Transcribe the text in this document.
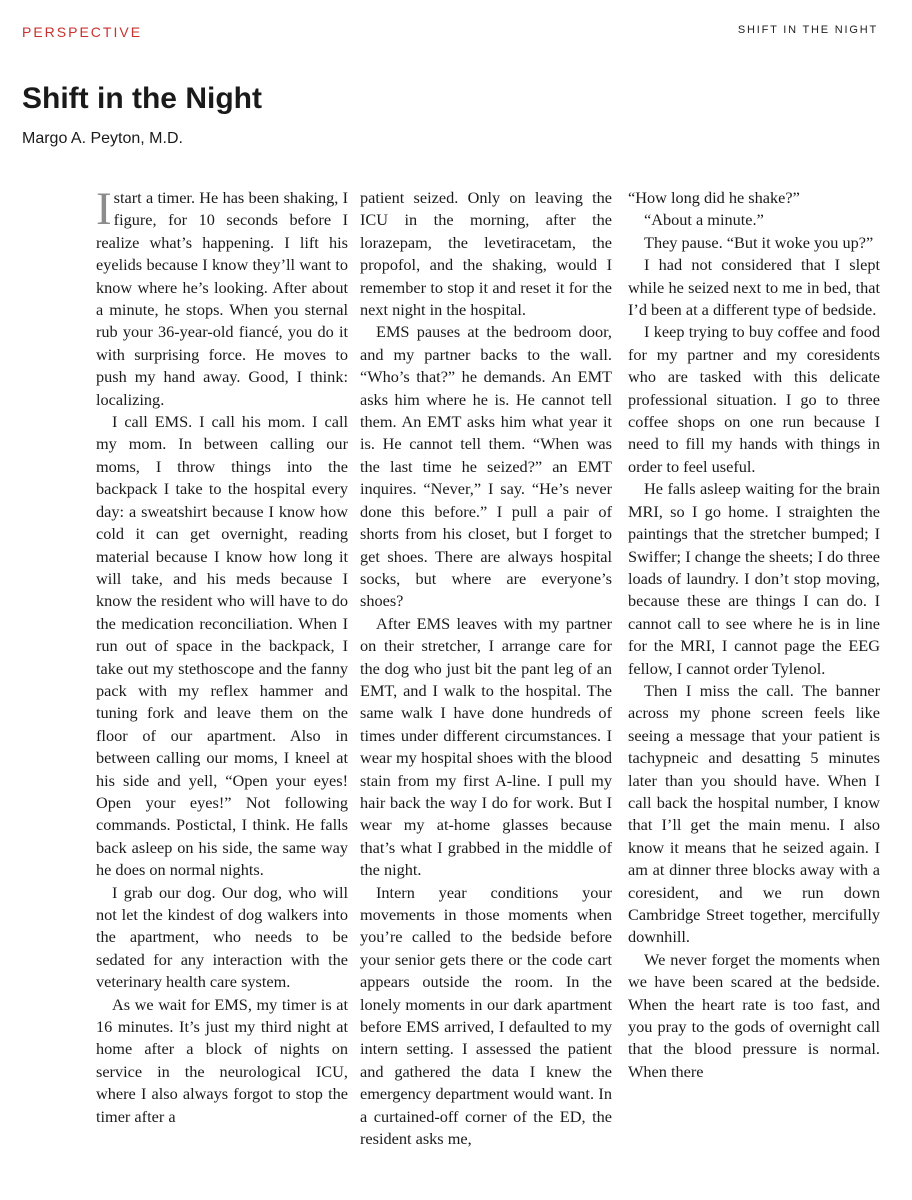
PERSPECTIVE	SHIFT IN THE NIGHT
Shift in the Night
Margo A. Peyton, M.D.

I start a timer. He has been shaking, I figure, for 10 seconds before I realize what’s happening. I lift his eyelids because I know they’ll want to know where he’s looking. After about a minute, he stops. When you sternal rub your 36-year-old fiancé, you do it with surprising force. He moves to push my hand away. Good, I think: localizing.

I call EMS. I call his mom. I call my mom. In between calling our moms, I throw things into the backpack I take to the hospital every day: a sweatshirt because I know how cold it can get overnight, reading material because I know how long it will take, and his meds because I know the resident who will have to do the medication reconciliation. When I run out of space in the backpack, I take out my stethoscope and the fanny pack with my reflex hammer and tuning fork and leave them on the floor of our apartment. Also in between calling our moms, I kneel at his side and yell, “Open your eyes! Open your eyes!” Not following commands. Postictal, I think. He falls back asleep on his side, the same way he does on normal nights.

I grab our dog. Our dog, who will not let the kindest of dog walkers into the apartment, who needs to be sedated for any interaction with the veterinary health care system.

As we wait for EMS, my timer is at 16 minutes. It’s just my third night at home after a block of nights on service in the neurological ICU, where I also always forgot to stop the timer after a

patient seized. Only on leaving the ICU in the morning, after the lorazepam, the levetiracetam, the propofol, and the shaking, would I remember to stop it and reset it for the next night in the hospital.

EMS pauses at the bedroom door, and my partner backs to the wall. “Who’s that?” he demands. An EMT asks him where he is. He cannot tell them. An EMT asks him what year it is. He cannot tell them. “When was the last time he seized?” an EMT inquires. “Never,” I say. “He’s never done this before.” I pull a pair of shorts from his closet, but I forget to get shoes. There are always hospital socks, but where are everyone’s shoes?

After EMS leaves with my partner on their stretcher, I arrange care for the dog who just bit the pant leg of an EMT, and I walk to the hospital. The same walk I have done hundreds of times under different circumstances. I wear my hospital shoes with the blood stain from my first A-line. I pull my hair back the way I do for work. But I wear my at-home glasses because that’s what I grabbed in the middle of the night.

Intern year conditions your movements in those moments when you’re called to the bedside before your senior gets there or the code cart appears outside the room. In the lonely moments in our dark apartment before EMS arrived, I defaulted to my intern setting. I assessed the patient and gathered the data I knew the emergency department would want. In a curtained-off corner of the ED, the resident asks me,

“How long did he shake?”

“About a minute.”

They pause. “But it woke you up?”

I had not considered that I slept while he seized next to me in bed, that I’d been at a different type of bedside.

I keep trying to buy coffee and food for my partner and my coresidents who are tasked with this delicate professional situation. I go to three coffee shops on one run because I need to fill my hands with things in order to feel useful.

He falls asleep waiting for the brain MRI, so I go home. I straighten the paintings that the stretcher bumped; I Swiffer; I change the sheets; I do three loads of laundry. I don’t stop moving, because these are things I can do. I cannot call to see where he is in line for the MRI, I cannot page the EEG fellow, I cannot order Tylenol.

Then I miss the call. The banner across my phone screen feels like seeing a message that your patient is tachypneic and desatting 5 minutes later than you should have. When I call back the hospital number, I know that I’ll get the main menu. I also know it means that he seized again. I am at dinner three blocks away with a coresident, and we run down Cambridge Street together, mercifully downhill.

We never forget the moments when we have been scared at the bedside. When the heart rate is too fast, and you pray to the gods of overnight call that the blood pressure is normal. When there
